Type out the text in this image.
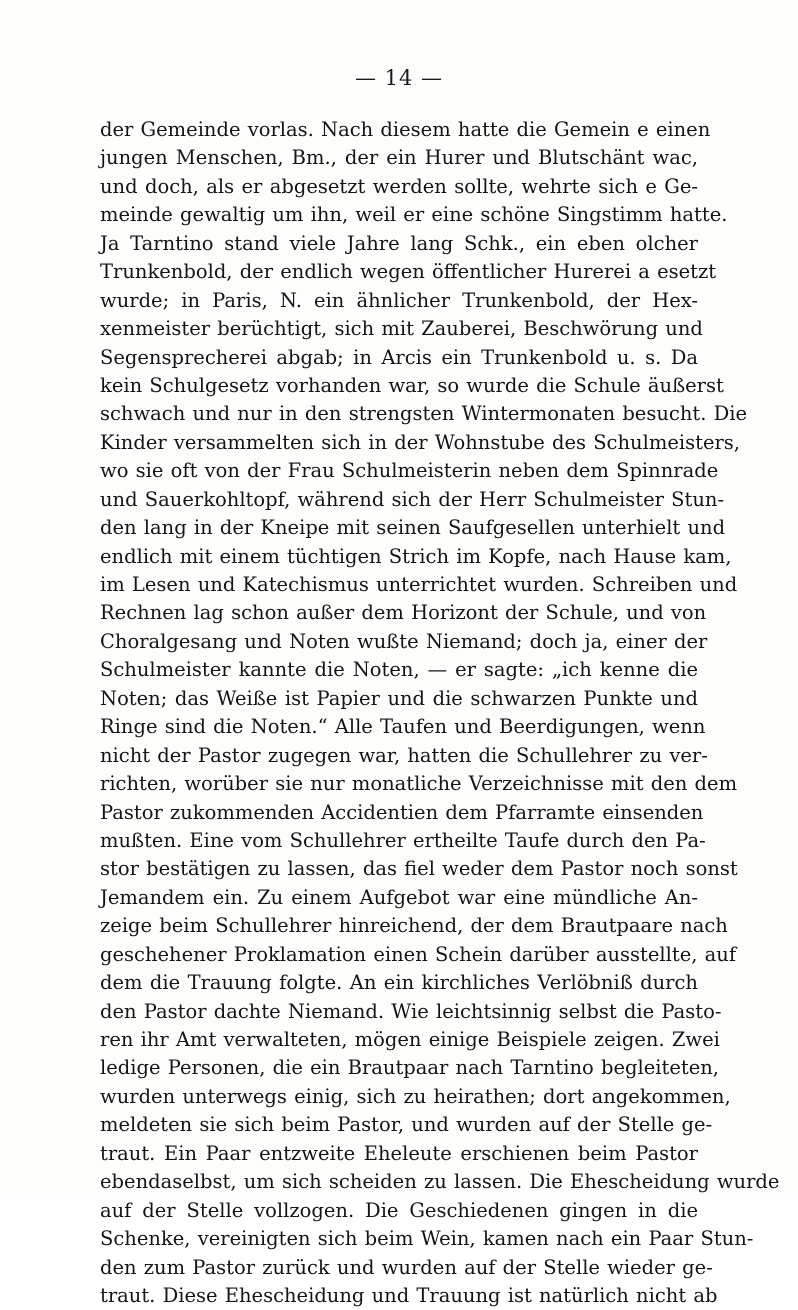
— 14 —
der Gemeinde vorlas. Nach diesem hatte die Gemein e einen
jungen Menschen, Bm., der ein Hurer und Blutschänt wac,
und doch, als er abgesetzt werden sollte, wehrte sich e Ge-
meinde gewaltig um ihn, weil er eine schöne Singstimm hatte.
Ja Tarntino stand viele Jahre lang Schk., ein eben olcher
Trunkenbold, der endlich wegen öffentlicher Hurerei a esetzt
wurde; in Paris, N. ein ähnlicher Trunkenbold, der Hex-
xenmeister berüchtigt, sich mit Zauberei, Beschwörung und
Segensprecherei abgab; in Arcis ein Trunkenbold u. s. Da
kein Schulgesetz vorhanden war, so wurde die Schule äußerst
schwach und nur in den strengsten Wintermonaten besucht. Die
Kinder versammelten sich in der Wohnstube des Schulmeisters,
wo sie oft von der Frau Schulmeisterin neben dem Spinnrade
und Sauerkohltopf, während sich der Herr Schulmeister Stun-
den lang in der Kneipe mit seinen Saufgesellen unterhielt und
endlich mit einem tüchtigen Strich im Kopfe, nach Hause kam,
im Lesen und Katechismus unterrichtet wurden. Schreiben und
Rechnen lag schon außer dem Horizont der Schule, und von
Choralgesang und Noten wußte Niemand; doch ja, einer der
Schulmeister kannte die Noten, — er sagte: „ich kenne die
Noten; das Weiße ist Papier und die schwarzen Punkte und
Ringe sind die Noten.“ Alle Taufen und Beerdigungen, wenn
nicht der Pastor zugegen war, hatten die Schullehrer zu ver-
richten, worüber sie nur monatliche Verzeichnisse mit den dem
Pastor zukommenden Accidentien dem Pfarramte einsenden
mußten. Eine vom Schullehrer ertheilte Taufe durch den Pa-
stor bestätigen zu lassen, das fiel weder dem Pastor noch sonst
Jemandem ein. Zu einem Aufgebot war eine mündliche An-
zeige beim Schullehrer hinreichend, der dem Brautpaare nach
geschehener Proklamation einen Schein darüber ausstellte, auf
dem die Trauung folgte. An ein kirchliches Verlöbniß durch
den Pastor dachte Niemand. Wie leichtsinnig selbst die Pasto-
ren ihr Amt verwalteten, mögen einige Beispiele zeigen. Zwei
ledige Personen, die ein Brautpaar nach Tarntino begleiteten,
wurden unterwegs einig, sich zu heirathen; dort angekommen,
meldeten sie sich beim Pastor, und wurden auf der Stelle ge-
traut. Ein Paar entzweite Eheleute erschienen beim Pastor
ebendaselbst, um sich scheiden zu lassen. Die Ehescheidung wurde
auf der Stelle vollzogen. Die Geschiedenen gingen in die
Schenke, vereinigten sich beim Wein, kamen nach ein Paar Stun-
den zum Pastor zurück und wurden auf der Stelle wieder ge-
traut. Diese Ehescheidung und Trauung ist natürlich nicht ab
